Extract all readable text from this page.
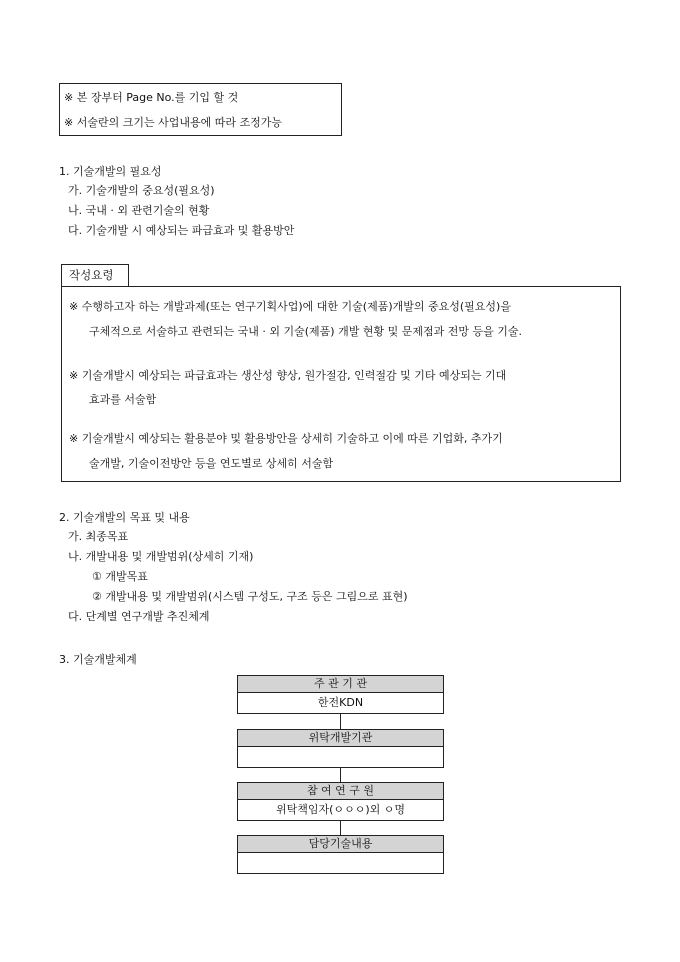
※ 본 장부터 Page No.를 기입 할 것
※ 서술란의 크기는 사업내용에 따라 조정가능
1. 기술개발의 필요성
가. 기술개발의 중요성(필요성)
나. 국내 · 외 관련기술의 현황
다. 기술개발 시 예상되는 파급효과 및 활용방안
작성요령
※ 수행하고자 하는 개발과제(또는 연구기획사업)에 대한 기술(제품)개발의 중요성(필요성)을
구체적으로 서술하고 관련되는 국내 · 외 기술(제품) 개발 현황 및 문제점과 전망 등을 기술.
※ 기술개발시 예상되는 파급효과는 생산성 향상, 원가절감, 인력절감 및 기타 예상되는 기대
효과를 서술함
※ 기술개발시 예상되는 활용분야 및 활용방안을 상세히 기술하고 이에 따른 기업화, 추가기
술개발, 기술이전방안 등을 연도별로 상세히 서술함
2. 기술개발의 목표 및 내용
가. 최종목표
나. 개발내용 및 개발범위(상세히 기재)
① 개발목표
② 개발내용 및 개발범위(시스템 구성도, 구조 등은 그림으로 표현)
다. 단계별 연구개발 추진체계
3. 기술개발체계
주 관 기 관
한전KDN
위탁개발기관
참 여 연 구 원
위탁책임자(ㅇㅇㅇ)외 ㅇ명
담당기술내용
